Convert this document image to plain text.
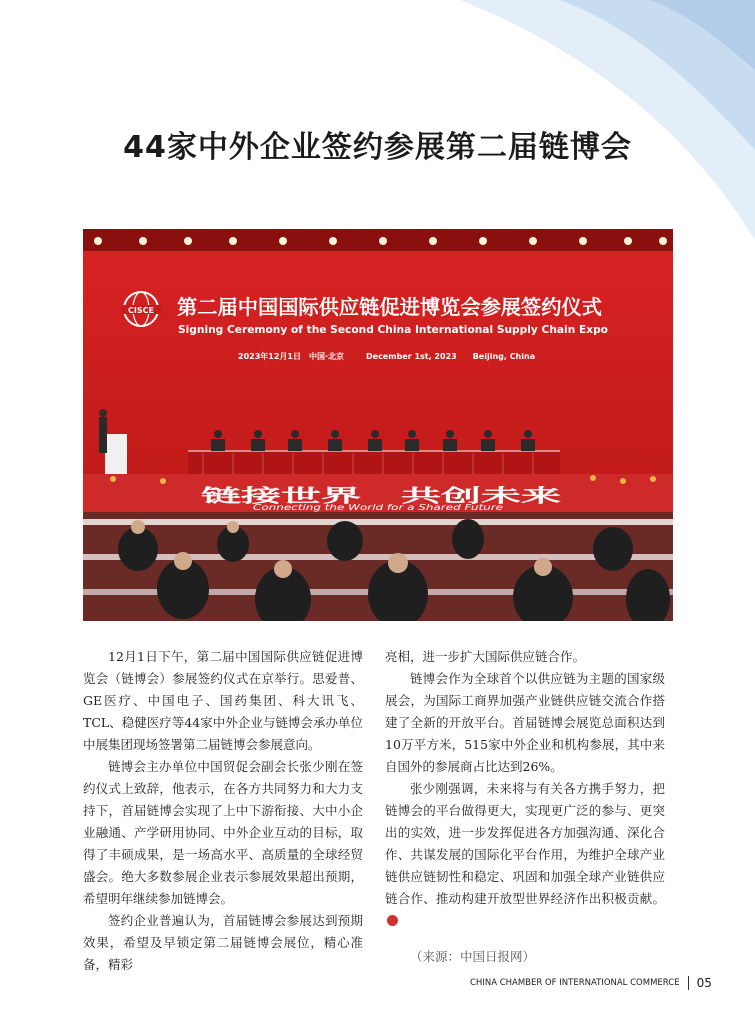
44家中外企业签约参展第二届链博会
CISCE 第二届中国国际供应链促进博览会参展签约仪式
Signing Ceremony of the Second China International Supply Chain Expo
2023年12月1日　中国·北京	December 1st, 2023　　Beijing, China
链接世界　共创未来
Connecting the World for a Shared Future

12月1日下午，第二届中国国际供应链促进博览会（链博会）参展签约仪式在京举行。思爱普、GE医疗、中国电子、国药集团、科大讯飞、TCL、稳健医疗等44家中外企业与链博会承办单位中展集团现场签署第二届链博会参展意向。

链博会主办单位中国贸促会副会长张少刚在签约仪式上致辞，他表示，在各方共同努力和大力支持下，首届链博会实现了上中下游衔接、大中小企业融通、产学研用协同、中外企业互动的目标，取得了丰硕成果，是一场高水平、高质量的全球经贸盛会。绝大多数参展企业表示参展效果超出预期，希望明年继续参加链博会。

签约企业普遍认为，首届链博会参展达到预期效果，希望及早锁定第二届链博会展位，精心准备，精彩

亮相，进一步扩大国际供应链合作。

链博会作为全球首个以供应链为主题的国家级展会，为国际工商界加强产业链供应链交流合作搭建了全新的开放平台。首届链博会展览总面积达到10万平方米，515家中外企业和机构参展，其中来自国外的参展商占比达到26%。

张少刚强调，未来将与有关各方携手努力，把链博会的平台做得更大，实现更广泛的参与、更突出的实效，进一步发挥促进各方加强沟通、深化合作、共谋发展的国际化平台作用，为维护全球产业链供应链韧性和稳定、巩固和加强全球产业链供应链合作、推动构建开放型世界经济作出积极贡献。

（来源：中国日报网）

CHINA CHAMBER OF INTERNATIONAL COMMERCE 05
